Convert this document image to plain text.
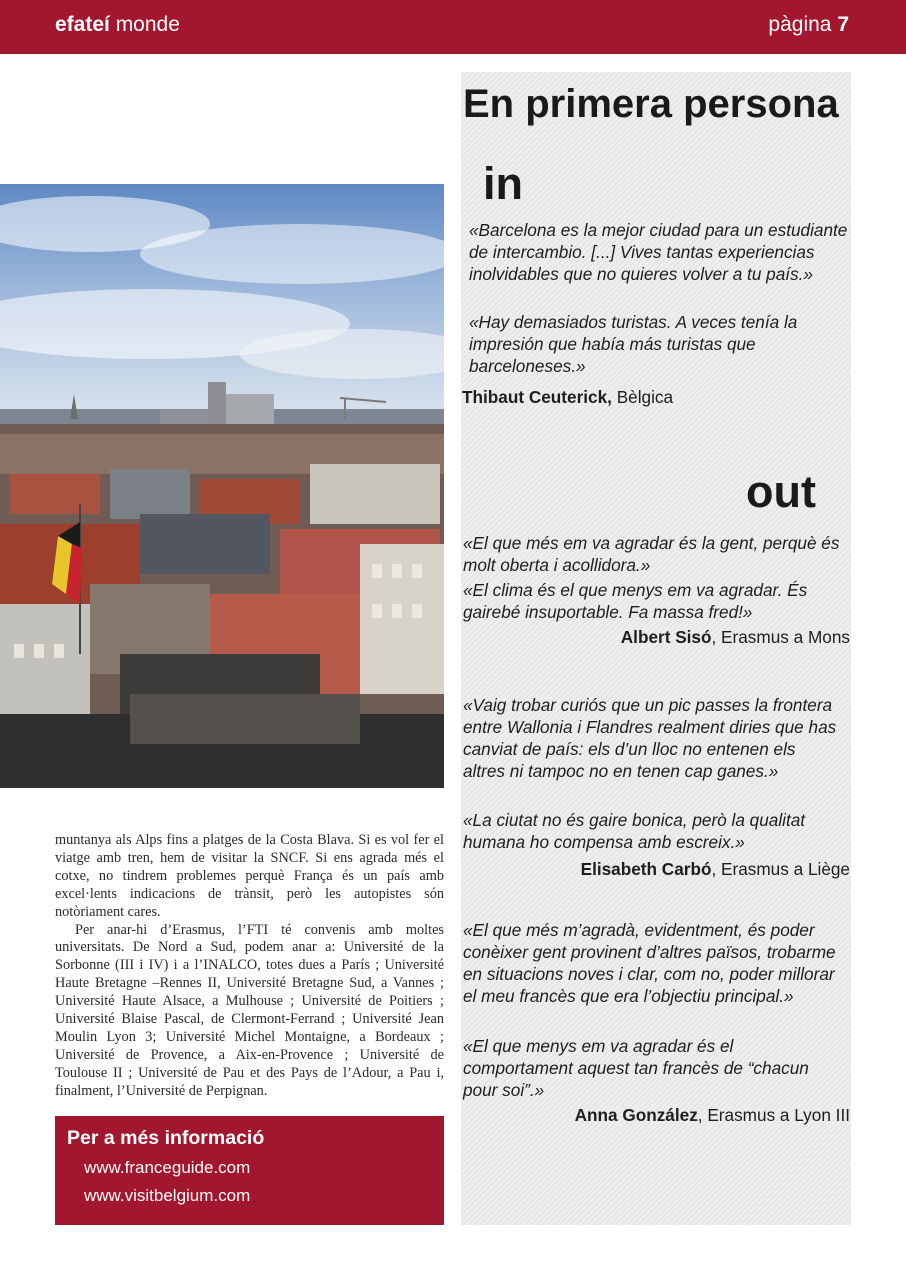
efateí monde	pàgina 7

muntanya als Alps fins a platges de la Costa Blava. Si es vol fer el viatge amb tren, hem de visitar la SNCF. Si ens agrada més el cotxe, no tindrem problemes perquè França és un país amb excel·lents indicacions de trànsit, però les autopistes són notòriament cares.

Per anar-hi d’Erasmus, l’FTI té convenis amb moltes universitats. De Nord a Sud, podem anar a: Université de la Sorbonne (III i IV) i a l’INALCO, totes dues a París ; Université Haute Bretagne –Rennes II, Université Bretagne Sud, a Vannes ; Université Haute Alsace, a Mulhouse ; Université de Poitiers ; Université Blaise Pascal, de Clermont-Ferrand ; Université Jean Moulin Lyon 3; Université Michel Montaigne, a Bordeaux ; Université de Provence, a Aix-en-Provence ; Université de Toulouse II ; Université de Pau et des Pays de l’Adour, a Pau i, finalment, l’Université de Perpignan.

Per a més informació
www.franceguide.com
www.visitbelgium.com
En primera persona
in
«Barcelona es la mejor ciudad para un estudiante de intercambio. [...] Vives tantas experiencias inolvidables que no quieres volver a tu país.»
«Hay demasiados turistas. A veces tenía la impresión que había más turistas que barceloneses.»
Thibaut Ceuterick, Bèlgica
out
«El que més em va agradar és la gent, perquè és molt oberta i acollidora.»
«El clima és el que menys em va agradar. És gairebé insuportable. Fa massa fred!»
Albert Sisó, Erasmus a Mons
«Vaig trobar curiós que un pic passes la frontera entre Wallonia i Flandres realment diries que has canviat de país: els d’un lloc no entenen els altres ni tampoc no en tenen cap ganes.»
«La ciutat no és gaire bonica, però la qualitat humana ho compensa amb escreix.»
Elisabeth Carbó, Erasmus a Liège
«El que més m’agradà, evidentment, és poder conèixer gent provinent d’altres països, trobarme en situacions noves i clar, com no, poder millorar el meu francès que era l’objectiu principal.»
«El que menys em va agradar és el comportament aquest tan francès de “chacun pour soi”.»
Anna González, Erasmus a Lyon III
